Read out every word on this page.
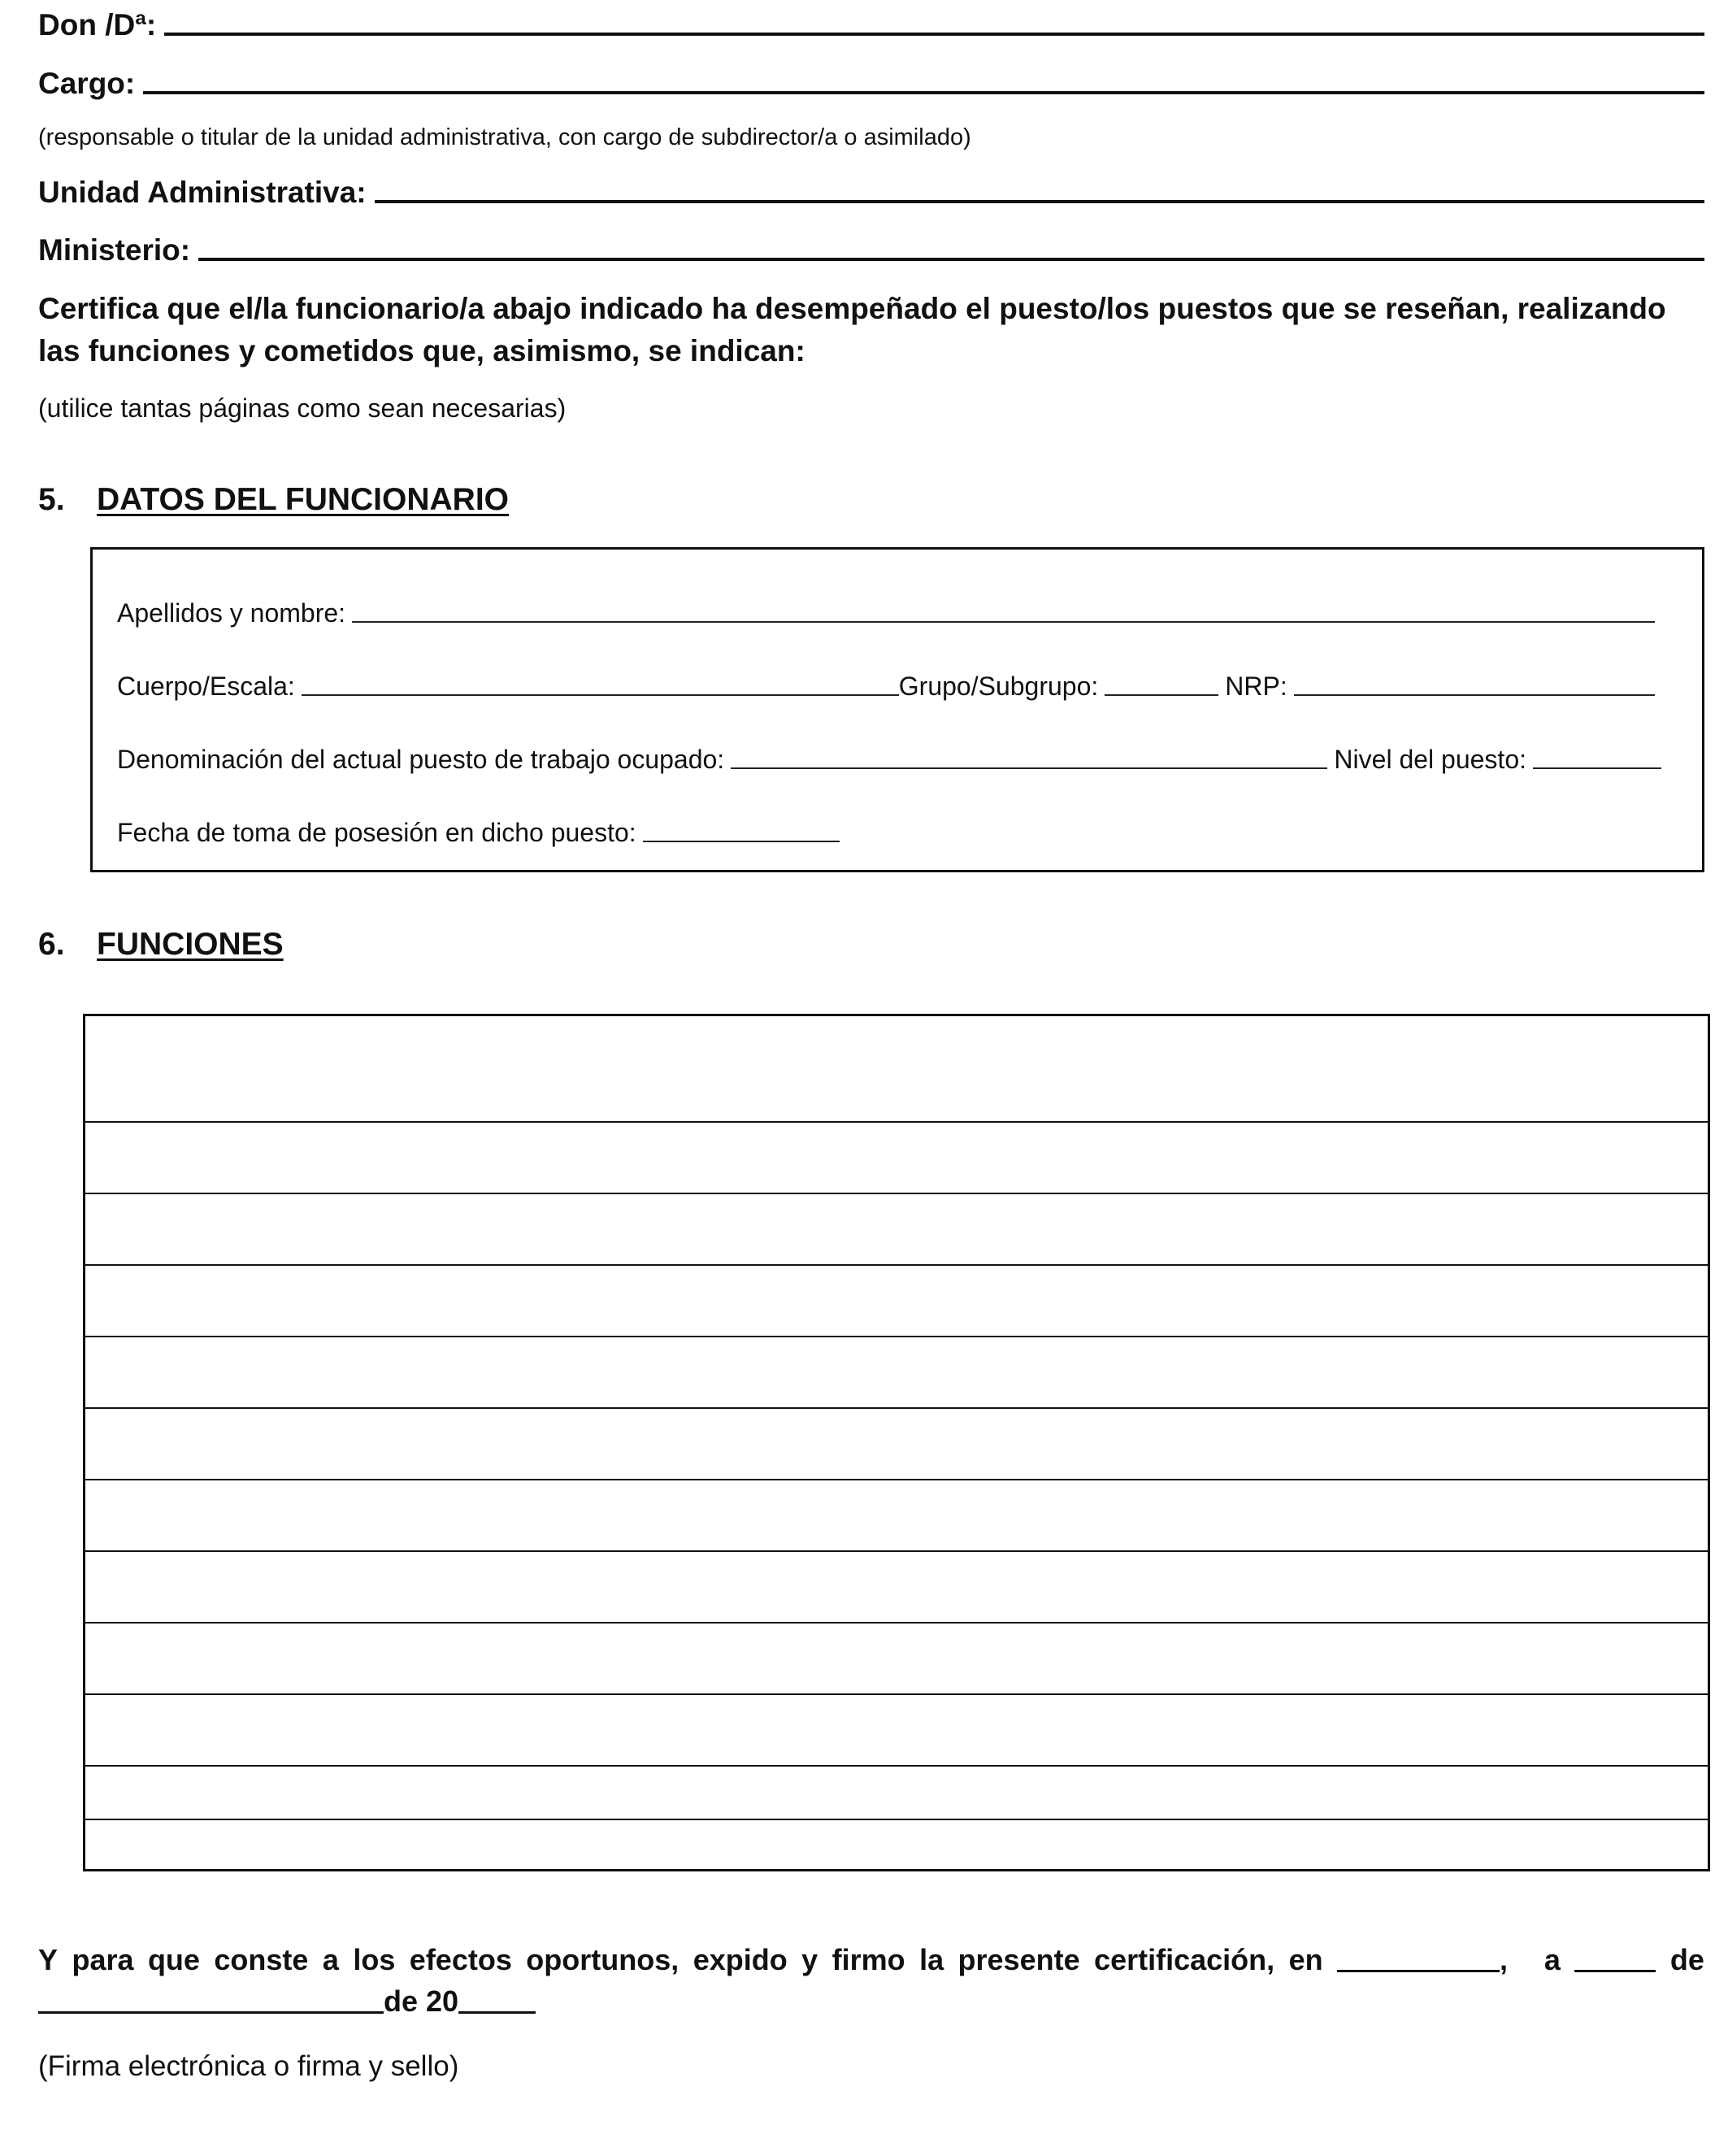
Don /Dª:
Cargo:
(responsable o titular de la unidad administrativa, con cargo de subdirector/a o asimilado)
Unidad Administrativa:
Ministerio:
Certifica que el/la funcionario/a abajo indicado ha desempeñado el puesto/los puestos que se reseñan, realizando las funciones y cometidos que, asimismo, se indican:
(utilice tantas páginas como sean necesarias)
5. DATOS DEL FUNCIONARIO
Apellidos y nombre:
Cuerpo/Escala:	Grupo/Subgrupo:	NRP:
Denominación del actual puesto de trabajo ocupado:	Nivel del puesto:
Fecha de toma de posesión en dicho puesto:
6. FUNCIONES
Y para que conste a los efectos oportunos, expido y firmo la presente certificación, en	, a	de
de 20
(Firma electrónica o firma y sello)
